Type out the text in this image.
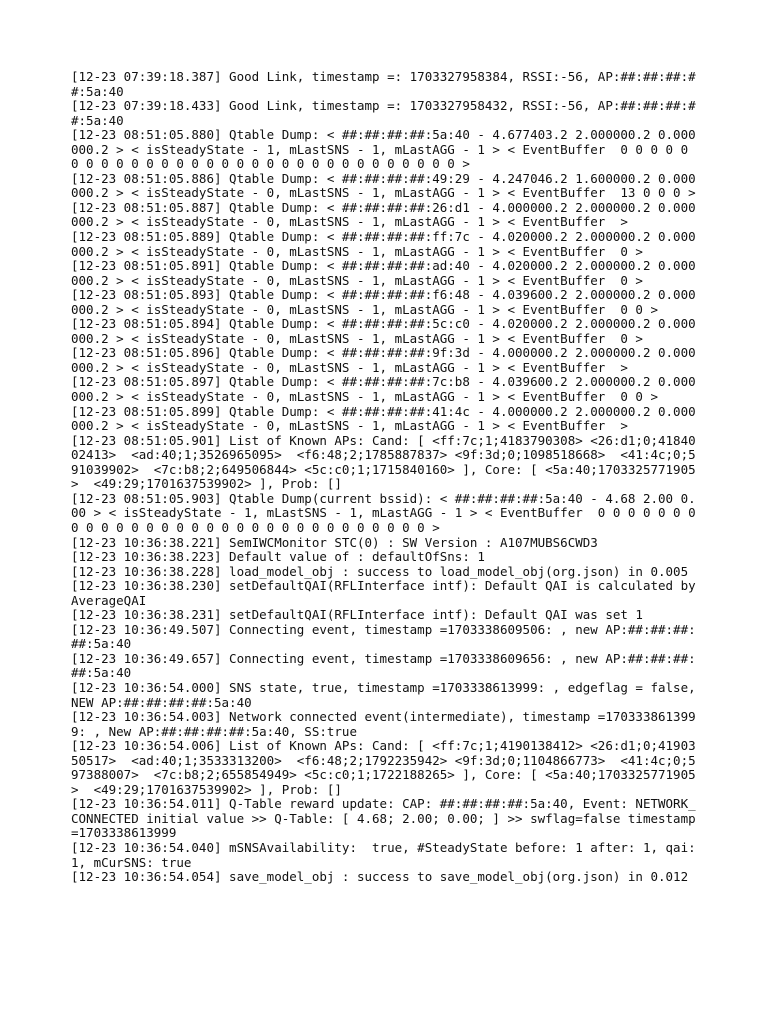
[12-23 07:39:18.387] Good Link, timestamp =: 1703327958384, RSSI:-56, AP:##:##:##:##:5a:40

[12-23 07:39:18.433] Good Link, timestamp =: 1703327958432, RSSI:-56, AP:##:##:##:##:5a:40

[12-23 08:51:05.880] Qtable Dump: < ##:##:##:##:5a:40 - 4.677403.2 2.000000.2 0.000000.2 > < isSteadyState - 1, mLastSNS - 1, mLastAGG - 1 > < EventBuffer  0 0 0 0 0 0 0 0 0 0 0 0 0 0 0 0 0 0 0 0 0 0 0 0 0 0 0 0 0 0 0 >

[12-23 08:51:05.886] Qtable Dump: < ##:##:##:##:49:29 - 4.247046.2 1.600000.2 0.000000.2 > < isSteadyState - 0, mLastSNS - 1, mLastAGG - 1 > < EventBuffer  13 0 0 0 >

[12-23 08:51:05.887] Qtable Dump: < ##:##:##:##:26:d1 - 4.000000.2 2.000000.2 0.000000.2 > < isSteadyState - 0, mLastSNS - 1, mLastAGG - 1 > < EventBuffer  >

[12-23 08:51:05.889] Qtable Dump: < ##:##:##:##:ff:7c - 4.020000.2 2.000000.2 0.000000.2 > < isSteadyState - 0, mLastSNS - 1, mLastAGG - 1 > < EventBuffer  0 >

[12-23 08:51:05.891] Qtable Dump: < ##:##:##:##:ad:40 - 4.020000.2 2.000000.2 0.000000.2 > < isSteadyState - 0, mLastSNS - 1, mLastAGG - 1 > < EventBuffer  0 >

[12-23 08:51:05.893] Qtable Dump: < ##:##:##:##:f6:48 - 4.039600.2 2.000000.2 0.000000.2 > < isSteadyState - 0, mLastSNS - 1, mLastAGG - 1 > < EventBuffer  0 0 >

[12-23 08:51:05.894] Qtable Dump: < ##:##:##:##:5c:c0 - 4.020000.2 2.000000.2 0.000000.2 > < isSteadyState - 0, mLastSNS - 1, mLastAGG - 1 > < EventBuffer  0 >

[12-23 08:51:05.896] Qtable Dump: < ##:##:##:##:9f:3d - 4.000000.2 2.000000.2 0.000000.2 > < isSteadyState - 0, mLastSNS - 1, mLastAGG - 1 > < EventBuffer  >

[12-23 08:51:05.897] Qtable Dump: < ##:##:##:##:7c:b8 - 4.039600.2 2.000000.2 0.000000.2 > < isSteadyState - 0, mLastSNS - 1, mLastAGG - 1 > < EventBuffer  0 0 >

[12-23 08:51:05.899] Qtable Dump: < ##:##:##:##:41:4c - 4.000000.2 2.000000.2 0.000000.2 > < isSteadyState - 0, mLastSNS - 1, mLastAGG - 1 > < EventBuffer  >

[12-23 08:51:05.901] List of Known APs: Cand: [ <ff:7c;1;4183790308> <26:d1;0;4184002413>  <ad:40;1;3526965095>  <f6:48;2;1785887837> <9f:3d;0;1098518668>  <41:4c;0;591039902>  <7c:b8;2;649506844> <5c:c0;1;1715840160> ], Core: [ <5a:40;1703325771905>  <49:29;1701637539902> ], Prob: []

[12-23 08:51:05.903] Qtable Dump(current bssid): < ##:##:##:##:5a:40 - 4.68 2.00 0.00 > < isSteadyState - 1, mLastSNS - 1, mLastAGG - 1 > < EventBuffer  0 0 0 0 0 0 0 0 0 0 0 0 0 0 0 0 0 0 0 0 0 0 0 0 0 0 0 0 0 0 0 >

[12-23 10:36:38.221] SemIWCMonitor STC(0) : SW Version : A107MUBS6CWD3

[12-23 10:36:38.223] Default value of : defaultOfSns: 1

[12-23 10:36:38.228] load_model_obj : success to load_model_obj(org.json) in 0.005

[12-23 10:36:38.230] setDefaultQAI(RFLInterface intf): Default QAI is calculated by AverageQAI

[12-23 10:36:38.231] setDefaultQAI(RFLInterface intf): Default QAI was set 1

[12-23 10:36:49.507] Connecting event, timestamp =1703338609506: , new AP:##:##:##:##:5a:40

[12-23 10:36:49.657] Connecting event, timestamp =1703338609656: , new AP:##:##:##:##:5a:40

[12-23 10:36:54.000] SNS state, true, timestamp =1703338613999: , edgeflag = false, NEW AP:##:##:##:##:5a:40

[12-23 10:36:54.003] Network connected event(intermediate), timestamp =1703338613999: , New AP:##:##:##:##:5a:40, SS:true

[12-23 10:36:54.006] List of Known APs: Cand: [ <ff:7c;1;4190138412> <26:d1;0;4190350517>  <ad:40;1;3533313200>  <f6:48;2;1792235942> <9f:3d;0;1104866773>  <41:4c;0;597388007>  <7c:b8;2;655854949> <5c:c0;1;1722188265> ], Core: [ <5a:40;1703325771905>  <49:29;1701637539902> ], Prob: []

[12-23 10:36:54.011] Q-Table reward update: CAP: ##:##:##:##:5a:40, Event: NETWORK_CONNECTED initial value >> Q-Table: [ 4.68; 2.00; 0.00; ] >> swflag=false timestamp =1703338613999

[12-23 10:36:54.040] mSNSAvailability:  true, #SteadyState before: 1 after: 1, qai: 1, mCurSNS: true

[12-23 10:36:54.054] save_model_obj : success to save_model_obj(org.json) in 0.012
